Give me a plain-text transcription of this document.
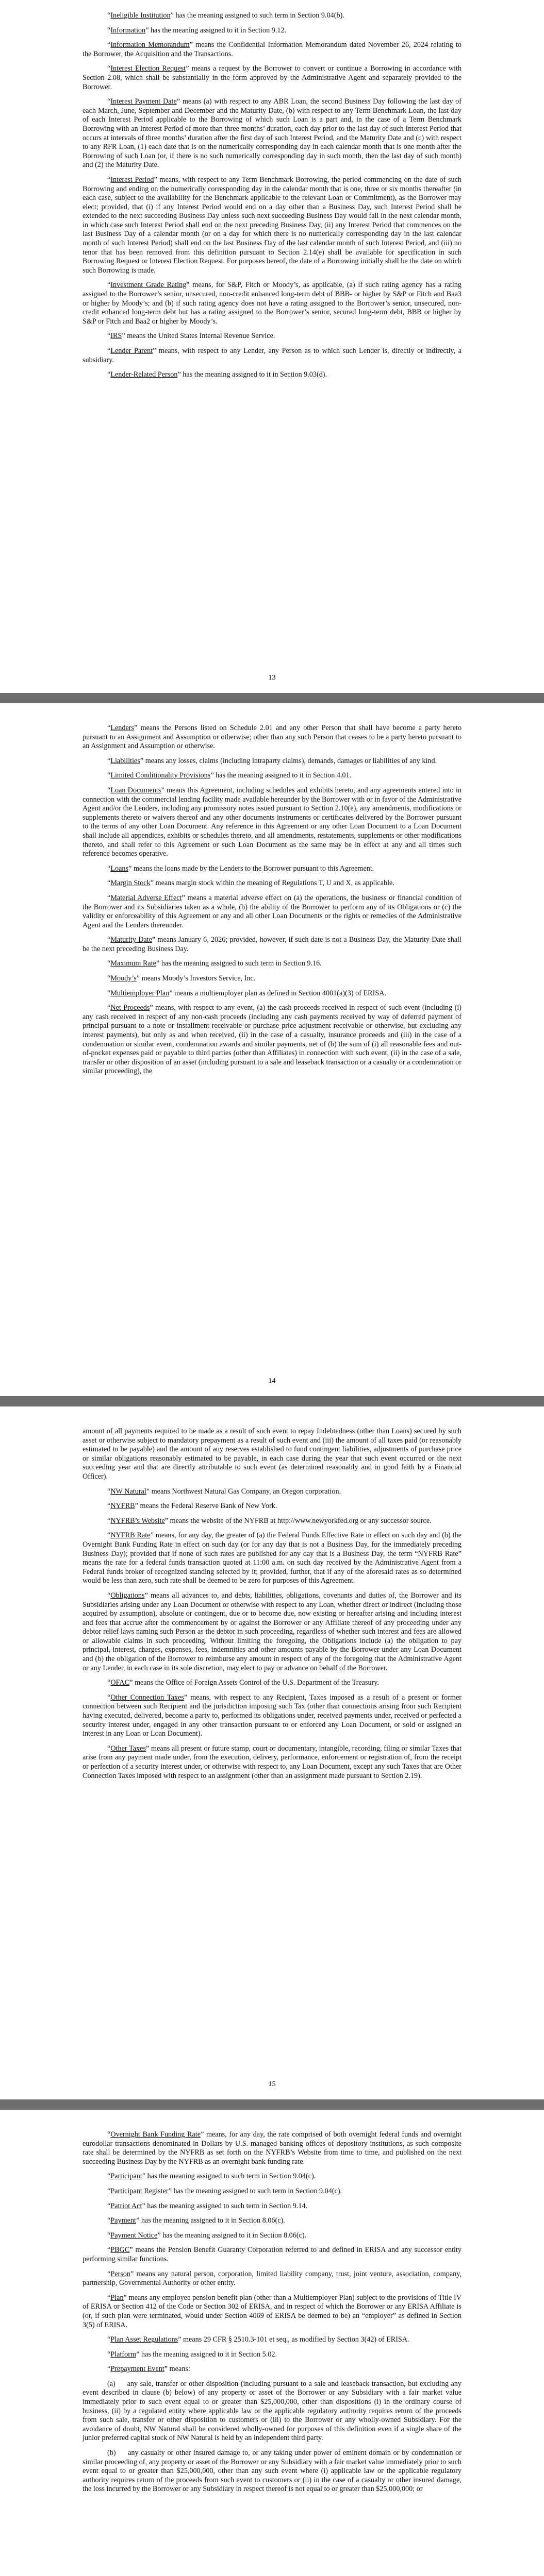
“Ineligible Institution” has the meaning assigned to such term in Section 9.04(b).

“Information” has the meaning assigned to it in Section 9.12.

“Information Memorandum” means the Confidential Information Memorandum dated November 26, 2024 relating to the Borrower, the Acquisition and the Transactions.

“Interest Election Request” means a request by the Borrower to convert or continue a Borrowing in accordance with Section 2.08, which shall be substantially in the form approved by the Administrative Agent and separately provided to the Borrower.

“Interest Payment Date” means (a) with respect to any ABR Loan, the second Business Day following the last day of each March, June, September and December and the Maturity Date, (b) with respect to any Term Benchmark Loan, the last day of each Interest Period applicable to the Borrowing of which such Loan is a part and, in the case of a Term Benchmark Borrowing with an Interest Period of more than three months’ duration, each day prior to the last day of such Interest Period that occurs at intervals of three months’ duration after the first day of such Interest Period, and the Maturity Date and (c) with respect to any RFR Loan, (1) each date that is on the numerically corresponding day in each calendar month that is one month after the Borrowing of such Loan (or, if there is no such numerically corresponding day in such month, then the last day of such month) and (2) the Maturity Date.

“Interest Period” means, with respect to any Term Benchmark Borrowing, the period commencing on the date of such Borrowing and ending on the numerically corresponding day in the calendar month that is one, three or six months thereafter (in each case, subject to the availability for the Benchmark applicable to the relevant Loan or Commitment), as the Borrower may elect; provided, that (i) if any Interest Period would end on a day other than a Business Day, such Interest Period shall be extended to the next succeeding Business Day unless such next succeeding Business Day would fall in the next calendar month, in which case such Interest Period shall end on the next preceding Business Day, (ii) any Interest Period that commences on the last Business Day of a calendar month (or on a day for which there is no numerically corresponding day in the last calendar month of such Interest Period) shall end on the last Business Day of the last calendar month of such Interest Period, and (iii) no tenor that has been removed from this definition pursuant to Section 2.14(e) shall be available for specification in such Borrowing Request or Interest Election Request. For purposes hereof, the date of a Borrowing initially shall be the date on which such Borrowing is made.

“Investment Grade Rating” means, for S&P, Fitch or Moody’s, as applicable, (a) if such rating agency has a rating assigned to the Borrower’s senior, unsecured, non-credit enhanced long-term debt of BBB- or higher by S&P or Fitch and Baa3 or higher by Moody’s; and (b) if such rating agency does not have a rating assigned to the Borrower’s senior, unsecured, non-credit enhanced long-term debt but has a rating assigned to the Borrower’s senior, secured long-term debt, BBB or higher by S&P or Fitch and Baa2 or higher by Moody’s.

“IRS” means the United States Internal Revenue Service.

“Lender Parent” means, with respect to any Lender, any Person as to which such Lender is, directly or indirectly, a subsidiary.

“Lender-Related Person” has the meaning assigned to it in Section 9.03(d).

13

“Lenders” means the Persons listed on Schedule 2.01 and any other Person that shall have become a party hereto pursuant to an Assignment and Assumption or otherwise; other than any such Person that ceases to be a party hereto pursuant to an Assignment and Assumption or otherwise.

“Liabilities” means any losses, claims (including intraparty claims), demands, damages or liabilities of any kind.

“Limited Conditionality Provisions” has the meaning assigned to it in Section 4.01.

“Loan Documents” means this Agreement, including schedules and exhibits hereto, and any agreements entered into in connection with the commercial lending facility made available hereunder by the Borrower with or in favor of the Administrative Agent and/or the Lenders, including any promissory notes issued pursuant to Section 2.10(e), any amendments, modifications or supplements thereto or waivers thereof and any other documents instruments or certificates delivered by the Borrower pursuant to the terms of any other Loan Document. Any reference in this Agreement or any other Loan Document to a Loan Document shall include all appendices, exhibits or schedules thereto, and all amendments, restatements, supplements or other modifications thereto, and shall refer to this Agreement or such Loan Document as the same may be in effect at any and all times such reference becomes operative.

“Loans” means the loans made by the Lenders to the Borrower pursuant to this Agreement.

“Margin Stock” means margin stock within the meaning of Regulations T, U and X, as applicable.

“Material Adverse Effect” means a material adverse effect on (a) the operations, the business or financial condition of the Borrower and its Subsidiaries taken as a whole, (b) the ability of the Borrower to perform any of its Obligations or (c) the validity or enforceability of this Agreement or any and all other Loan Documents or the rights or remedies of the Administrative Agent and the Lenders thereunder.

“Maturity Date” means January 6, 2026; provided, however, if such date is not a Business Day, the Maturity Date shall be the next preceding Business Day.

“Maximum Rate” has the meaning assigned to such term in Section 9.16.

“Moody’s” means Moody’s Investors Service, Inc.

“Multiemployer Plan” means a multiemployer plan as defined in Section 4001(a)(3) of ERISA.

“Net Proceeds” means, with respect to any event, (a) the cash proceeds received in respect of such event (including (i) any cash received in respect of any non-cash proceeds (including any cash payments received by way of deferred payment of principal pursuant to a note or installment receivable or purchase price adjustment receivable or otherwise, but excluding any interest payments), but only as and when received, (ii) in the case of a casualty, insurance proceeds and (iii) in the case of a condemnation or similar event, condemnation awards and similar payments, net of (b) the sum of (i) all reasonable fees and out-of-pocket expenses paid or payable to third parties (other than Affiliates) in connection with such event, (ii) in the case of a sale, transfer or other disposition of an asset (including pursuant to a sale and leaseback transaction or a casualty or a condemnation or similar proceeding), the

14

amount of all payments required to be made as a result of such event to repay Indebtedness (other than Loans) secured by such asset or otherwise subject to mandatory prepayment as a result of such event and (iii) the amount of all taxes paid (or reasonably estimated to be payable) and the amount of any reserves established to fund contingent liabilities, adjustments of purchase price or similar obligations reasonably estimated to be payable, in each case during the year that such event occurred or the next succeeding year and that are directly attributable to such event (as determined reasonably and in good faith by a Financial Officer).

“NW Natural” means Northwest Natural Gas Company, an Oregon corporation.

“NYFRB” means the Federal Reserve Bank of New York.

“NYFRB’s Website” means the website of the NYFRB at http://www.newyorkfed.org or any successor source.

“NYFRB Rate” means, for any day, the greater of (a) the Federal Funds Effective Rate in effect on such day and (b) the Overnight Bank Funding Rate in effect on such day (or for any day that is not a Business Day, for the immediately preceding Business Day); provided that if none of such rates are published for any day that is a Business Day, the term “NYFRB Rate” means the rate for a federal funds transaction quoted at 11:00 a.m. on such day received by the Administrative Agent from a Federal funds broker of recognized standing selected by it; provided, further, that if any of the aforesaid rates as so determined would be less than zero, such rate shall be deemed to be zero for purposes of this Agreement.

“Obligations” means all advances to, and debts, liabilities, obligations, covenants and duties of, the Borrower and its Subsidiaries arising under any Loan Document or otherwise with respect to any Loan, whether direct or indirect (including those acquired by assumption), absolute or contingent, due or to become due, now existing or hereafter arising and including interest and fees that accrue after the commencement by or against the Borrower or any Affiliate thereof of any proceeding under any debtor relief laws naming such Person as the debtor in such proceeding, regardless of whether such interest and fees are allowed or allowable claims in such proceeding. Without limiting the foregoing, the Obligations include (a) the obligation to pay principal, interest, charges, expenses, fees, indemnities and other amounts payable by the Borrower under any Loan Document and (b) the obligation of the Borrower to reimburse any amount in respect of any of the foregoing that the Administrative Agent or any Lender, in each case in its sole discretion, may elect to pay or advance on behalf of the Borrower.

“OFAC” means the Office of Foreign Assets Control of the U.S. Department of the Treasury.

“Other Connection Taxes” means, with respect to any Recipient, Taxes imposed as a result of a present or former connection between such Recipient and the jurisdiction imposing such Tax (other than connections arising from such Recipient having executed, delivered, become a party to, performed its obligations under, received payments under, received or perfected a security interest under, engaged in any other transaction pursuant to or enforced any Loan Document, or sold or assigned an interest in any Loan or Loan Document).

“Other Taxes” means all present or future stamp, court or documentary, intangible, recording, filing or similar Taxes that arise from any payment made under, from the execution, delivery, performance, enforcement or registration of, from the receipt or perfection of a security interest under, or otherwise with respect to, any Loan Document, except any such Taxes that are Other Connection Taxes imposed with respect to an assignment (other than an assignment made pursuant to Section 2.19).

15

“Overnight Bank Funding Rate” means, for any day, the rate comprised of both overnight federal funds and overnight eurodollar transactions denominated in Dollars by U.S.-managed banking offices of depository institutions, as such composite rate shall be determined by the NYFRB as set forth on the NYFRB’s Website from time to time, and published on the next succeeding Business Day by the NYFRB as an overnight bank funding rate.

“Participant” has the meaning assigned to such term in Section 9.04(c).

“Participant Register” has the meaning assigned to such term in Section 9.04(c).

“Patriot Act” has the meaning assigned to such term in Section 9.14.

“Payment” has the meaning assigned to it in Section 8.06(c).

“Payment Notice” has the meaning assigned to it in Section 8.06(c).

“PBGC” means the Pension Benefit Guaranty Corporation referred to and defined in ERISA and any successor entity performing similar functions.

“Person” means any natural person, corporation, limited liability company, trust, joint venture, association, company, partnership, Governmental Authority or other entity.

“Plan” means any employee pension benefit plan (other than a Multiemployer Plan) subject to the provisions of Title IV of ERISA or Section 412 of the Code or Section 302 of ERISA, and in respect of which the Borrower or any ERISA Affiliate is (or, if such plan were terminated, would under Section 4069 of ERISA be deemed to be) an “employer” as defined in Section 3(5) of ERISA.

“Plan Asset Regulations” means 29 CFR § 2510.3-101 et seq., as modified by Section 3(42) of ERISA.

“Platform” has the meaning assigned to it in Section 5.02.

“Prepayment Event” means:

(a)     any sale, transfer or other disposition (including pursuant to a sale and leaseback transaction, but excluding any event described in clause (b) below) of any property or asset of the Borrower or any Subsidiary with a fair market value immediately prior to such event equal to or greater than $25,000,000, other than dispositions (i) in the ordinary course of business, (ii) by a regulated entity where applicable law or the applicable regulatory authority requires return of the proceeds from such sale, transfer or other disposition to customers or (iii) to the Borrower or any wholly-owned Subsidiary. For the avoidance of doubt, NW Natural shall be considered wholly-owned for purposes of this definition even if a single share of the junior preferred capital stock of NW Natural is held by an independent third party.

(b)     any casualty or other insured damage to, or any taking under power of eminent domain or by condemnation or similar proceeding of, any property or asset of the Borrower or any Subsidiary with a fair market value immediately prior to such event equal to or greater than $25,000,000, other than any such event where (i) applicable law or the applicable regulatory authority requires return of the proceeds from such event to customers or (ii) in the case of a casualty or other insured damage, the loss incurred by the Borrower or any Subsidiary in respect thereof is not equal to or greater than $25,000,000; or
